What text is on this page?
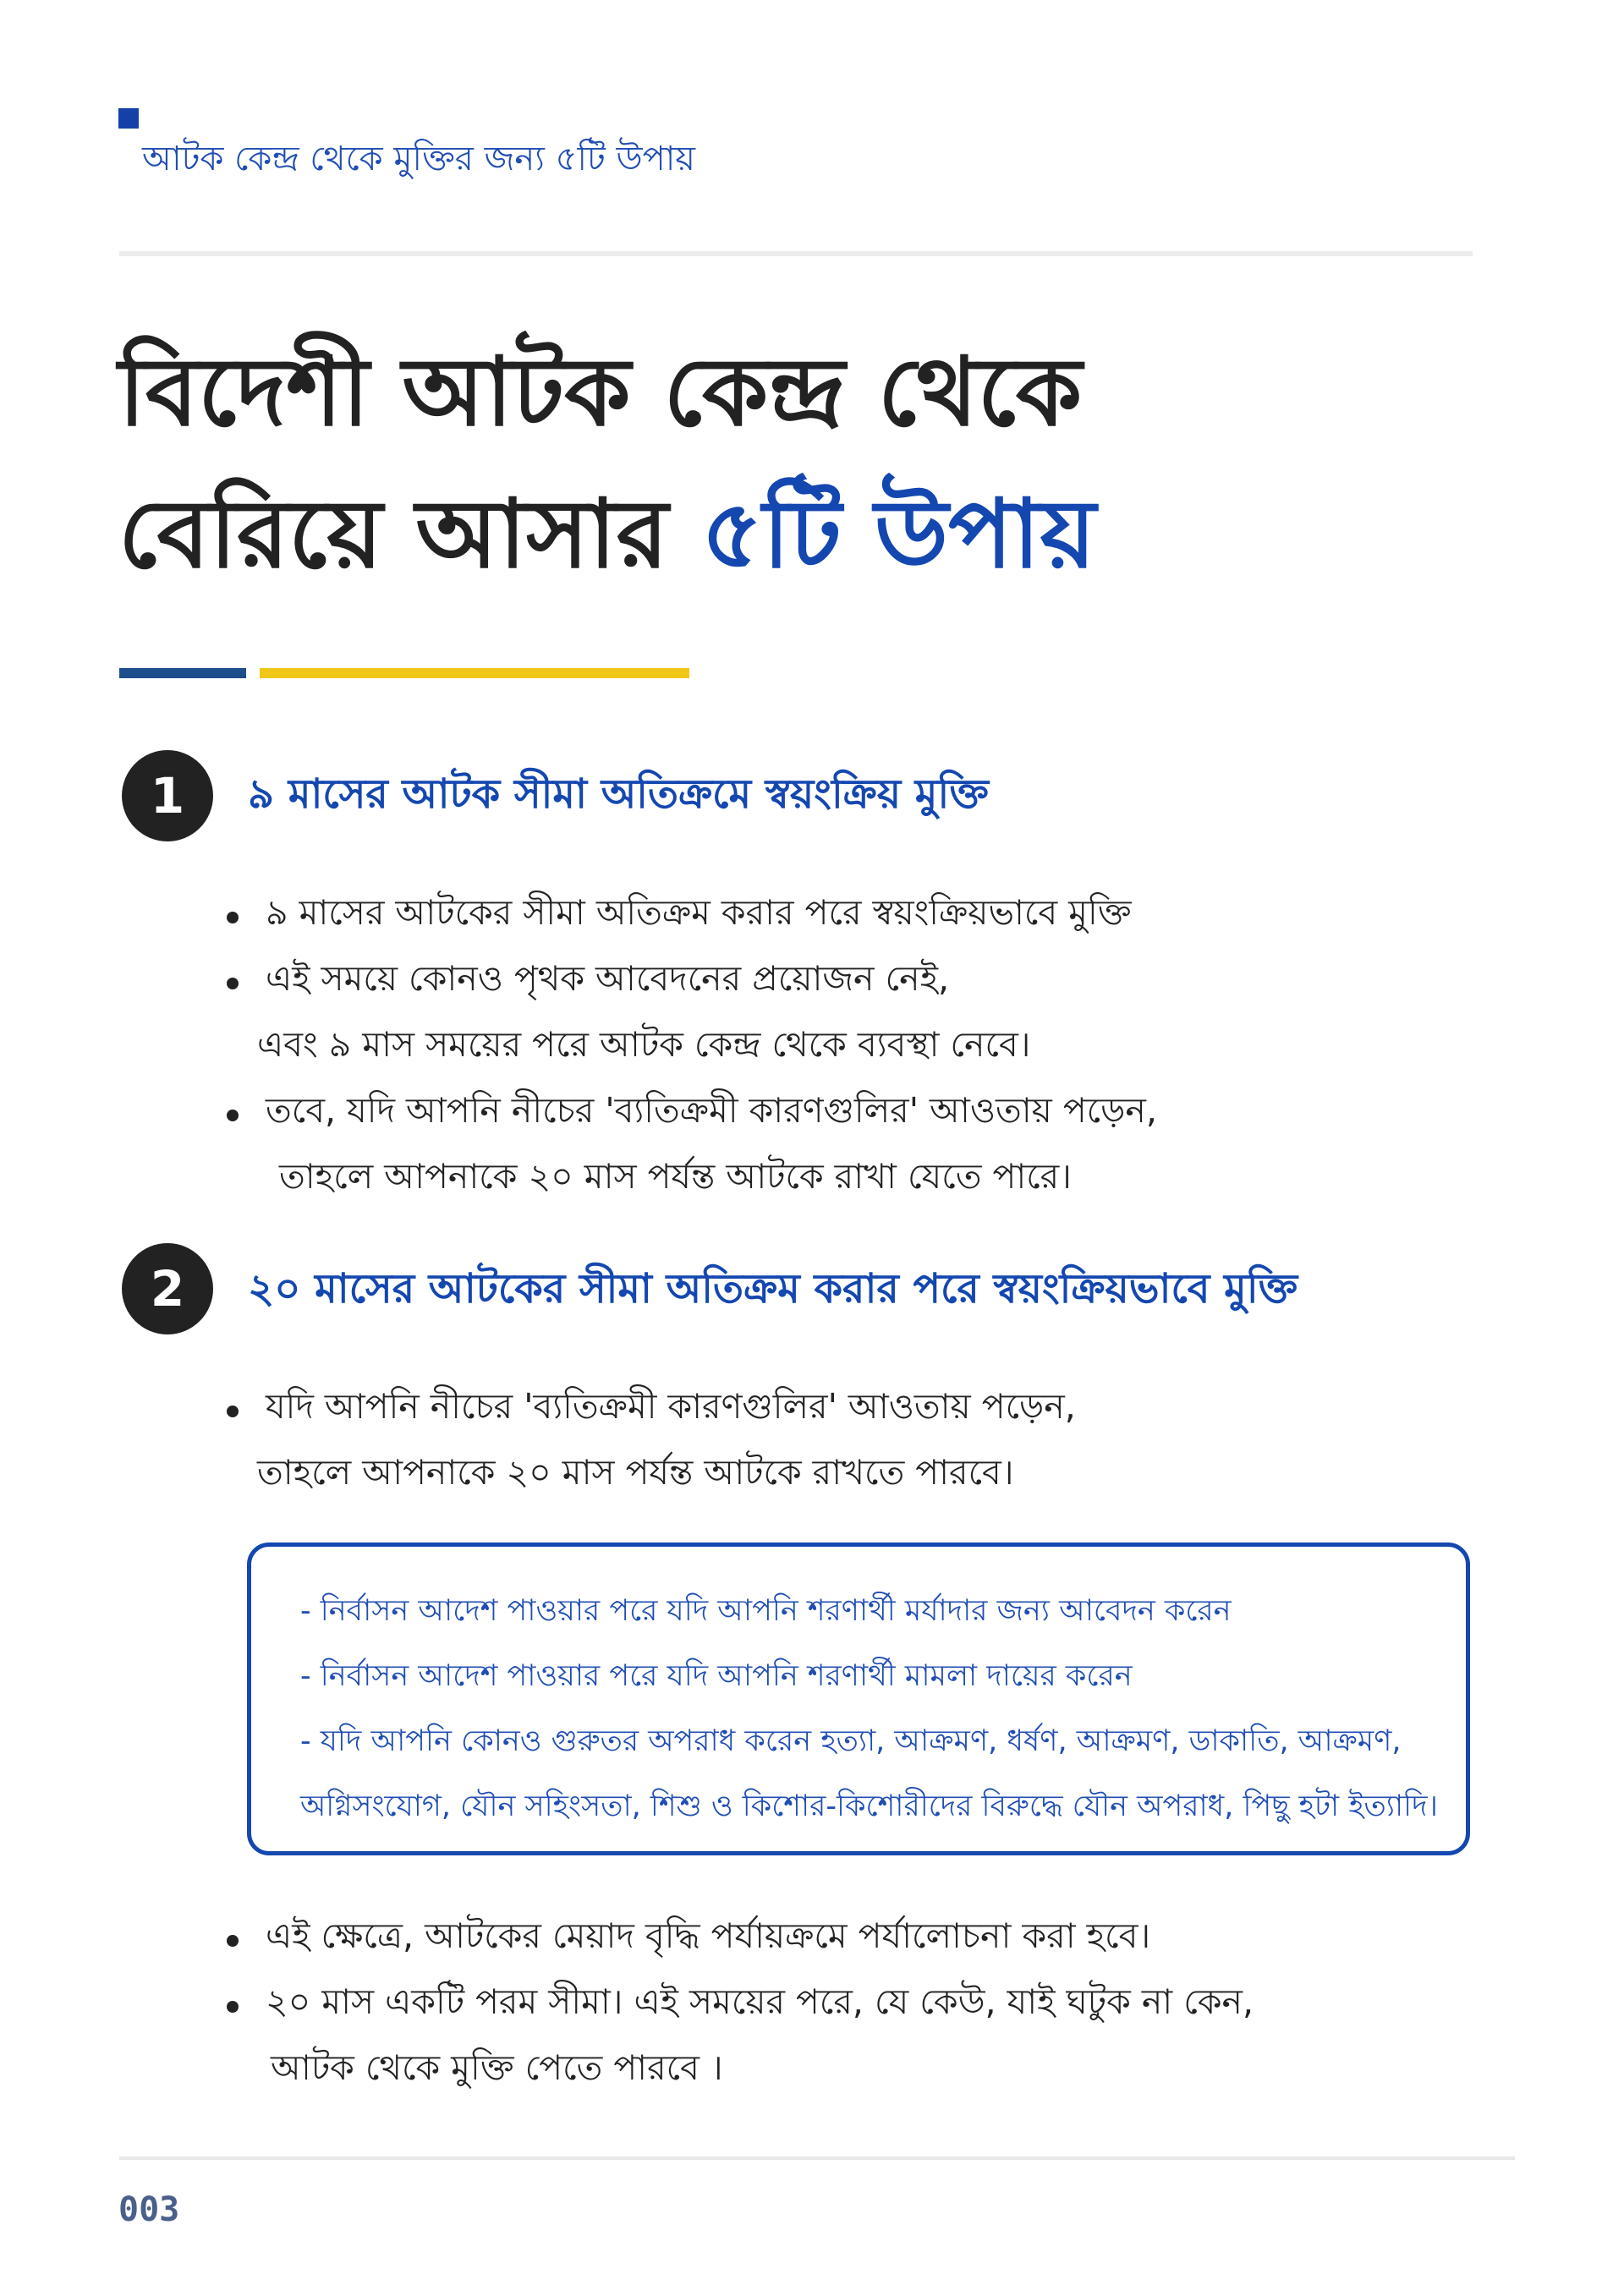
আটক কেন্দ্র থেকে মুক্তির জন্য ৫টি উপায়
বিদেশী আটক কেন্দ্র থেকে
বেরিয়ে আসার ৫টি উপায়
1	৯ মাসের আটক সীমা অতিক্রমে স্বয়ংক্রিয় মুক্তি
৯ মাসের আটকের সীমা অতিক্রম করার পরে স্বয়ংক্রিয়ভাবে মুক্তি
এই সময়ে কোনও পৃথক আবেদনের প্রয়োজন নেই,
এবং ৯ মাস সময়ের পরে আটক কেন্দ্র থেকে ব্যবস্থা নেবে।
তবে, যদি আপনি নীচের 'ব্যতিক্রমী কারণগুলির' আওতায় পড়েন,
তাহলে আপনাকে ২০ মাস পর্যন্ত আটকে রাখা যেতে পারে।
2	২০ মাসের আটকের সীমা অতিক্রম করার পরে স্বয়ংক্রিয়ভাবে মুক্তি
যদি আপনি নীচের 'ব্যতিক্রমী কারণগুলির' আওতায় পড়েন,
তাহলে আপনাকে ২০ মাস পর্যন্ত আটকে রাখতে পারবে।
- নির্বাসন আদেশ পাওয়ার পরে যদি আপনি শরণার্থী মর্যাদার জন্য আবেদন করেন
- নির্বাসন আদেশ পাওয়ার পরে যদি আপনি শরণার্থী মামলা দায়ের করেন
- যদি আপনি কোনও গুরুতর অপরাধ করেন হত্যা, আক্রমণ, ধর্ষণ, আক্রমণ, ডাকাতি, আক্রমণ,
অগ্নিসংযোগ, যৌন সহিংসতা, শিশু ও কিশোর-কিশোরীদের বিরুদ্ধে যৌন অপরাধ, পিছু হটা ইত্যাদি।
এই ক্ষেত্রে, আটকের মেয়াদ বৃদ্ধি পর্যায়ক্রমে পর্যালোচনা করা হবে।
২০ মাস একটি পরম সীমা। এই সময়ের পরে, যে কেউ, যাই ঘটুক না কেন,
আটক থেকে মুক্তি পেতে পারবে ।
003
